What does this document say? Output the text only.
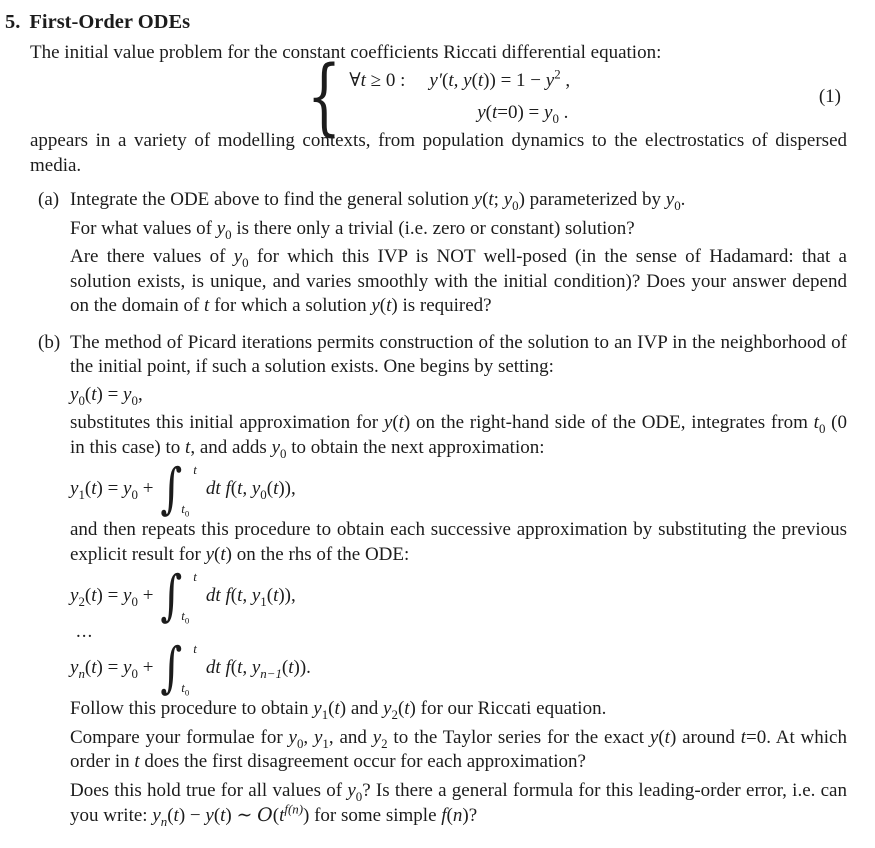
5. First-Order ODEs

The initial value problem for the constant coefficients Riccati differential equation:

{ ∀t ≥ 0 : y′(t, $y(t)) = 1 - y^2$ ,
$y(t=0) = y_0$ .
(1)

appears in a variety of modelling contexts, from population dynamics to the electrostatics of dispersed media.

(a) Integrate the ODE above to find the general solution y(t; $y_0$) parameterized by $y_0$.

For what values of $y_0$ is there only a trivial (i.e. zero or constant) solution?

Are there values of $y_0$ for which this IVP is NOT well-posed (in the sense of Hadamard: that a solution exists, is unique, and varies smoothly with the initial condition)? Does your answer depend on the domain of t for which a solution y(t) is required?

(b) The method of Picard iterations permits construction of the solution to an IVP in the neighborhood of the initial point, if such a solution exists. One begins by setting:

$y_0(t) = y_0$,

substitutes this initial approximation for y(t) on the right-hand side of the ODE, integrates from $t_0$ (0 in this case) to t, and adds $y_0$ to obtain the next approximation:

$y_1(t) = y_0$ + ∫ t
$t_0$
dt f(t, $y_0(t)$),

and then repeats this procedure to obtain each successive approximation by substituting the previous explicit result for y(t) on the rhs of the ODE:

$y_2(t) = y_0$ + ∫ t
$t_0$
dt f(t, $y_1(t)$),
...
$y_n(t) = y_0$ + ∫ t
$t_0$
dt f(t, $y_{n-1}(t)$).

Follow this procedure to obtain $y_1(t)$ and $y_2(t)$ for our Riccati equation.

Compare your formulae for $y_0$, $y_1$, and $y_2$ to the Taylor series for the exact y(t) around t=0. At which order in t does the first disagreement occur for each approximation?

Does this hold true for all values of $y_0$? Is there a general formula for this leading-order error, i.e. can you write: $y_n(t) - y(t)$ ∼ $O(t^{f(n)})$ for some simple f(n)?
